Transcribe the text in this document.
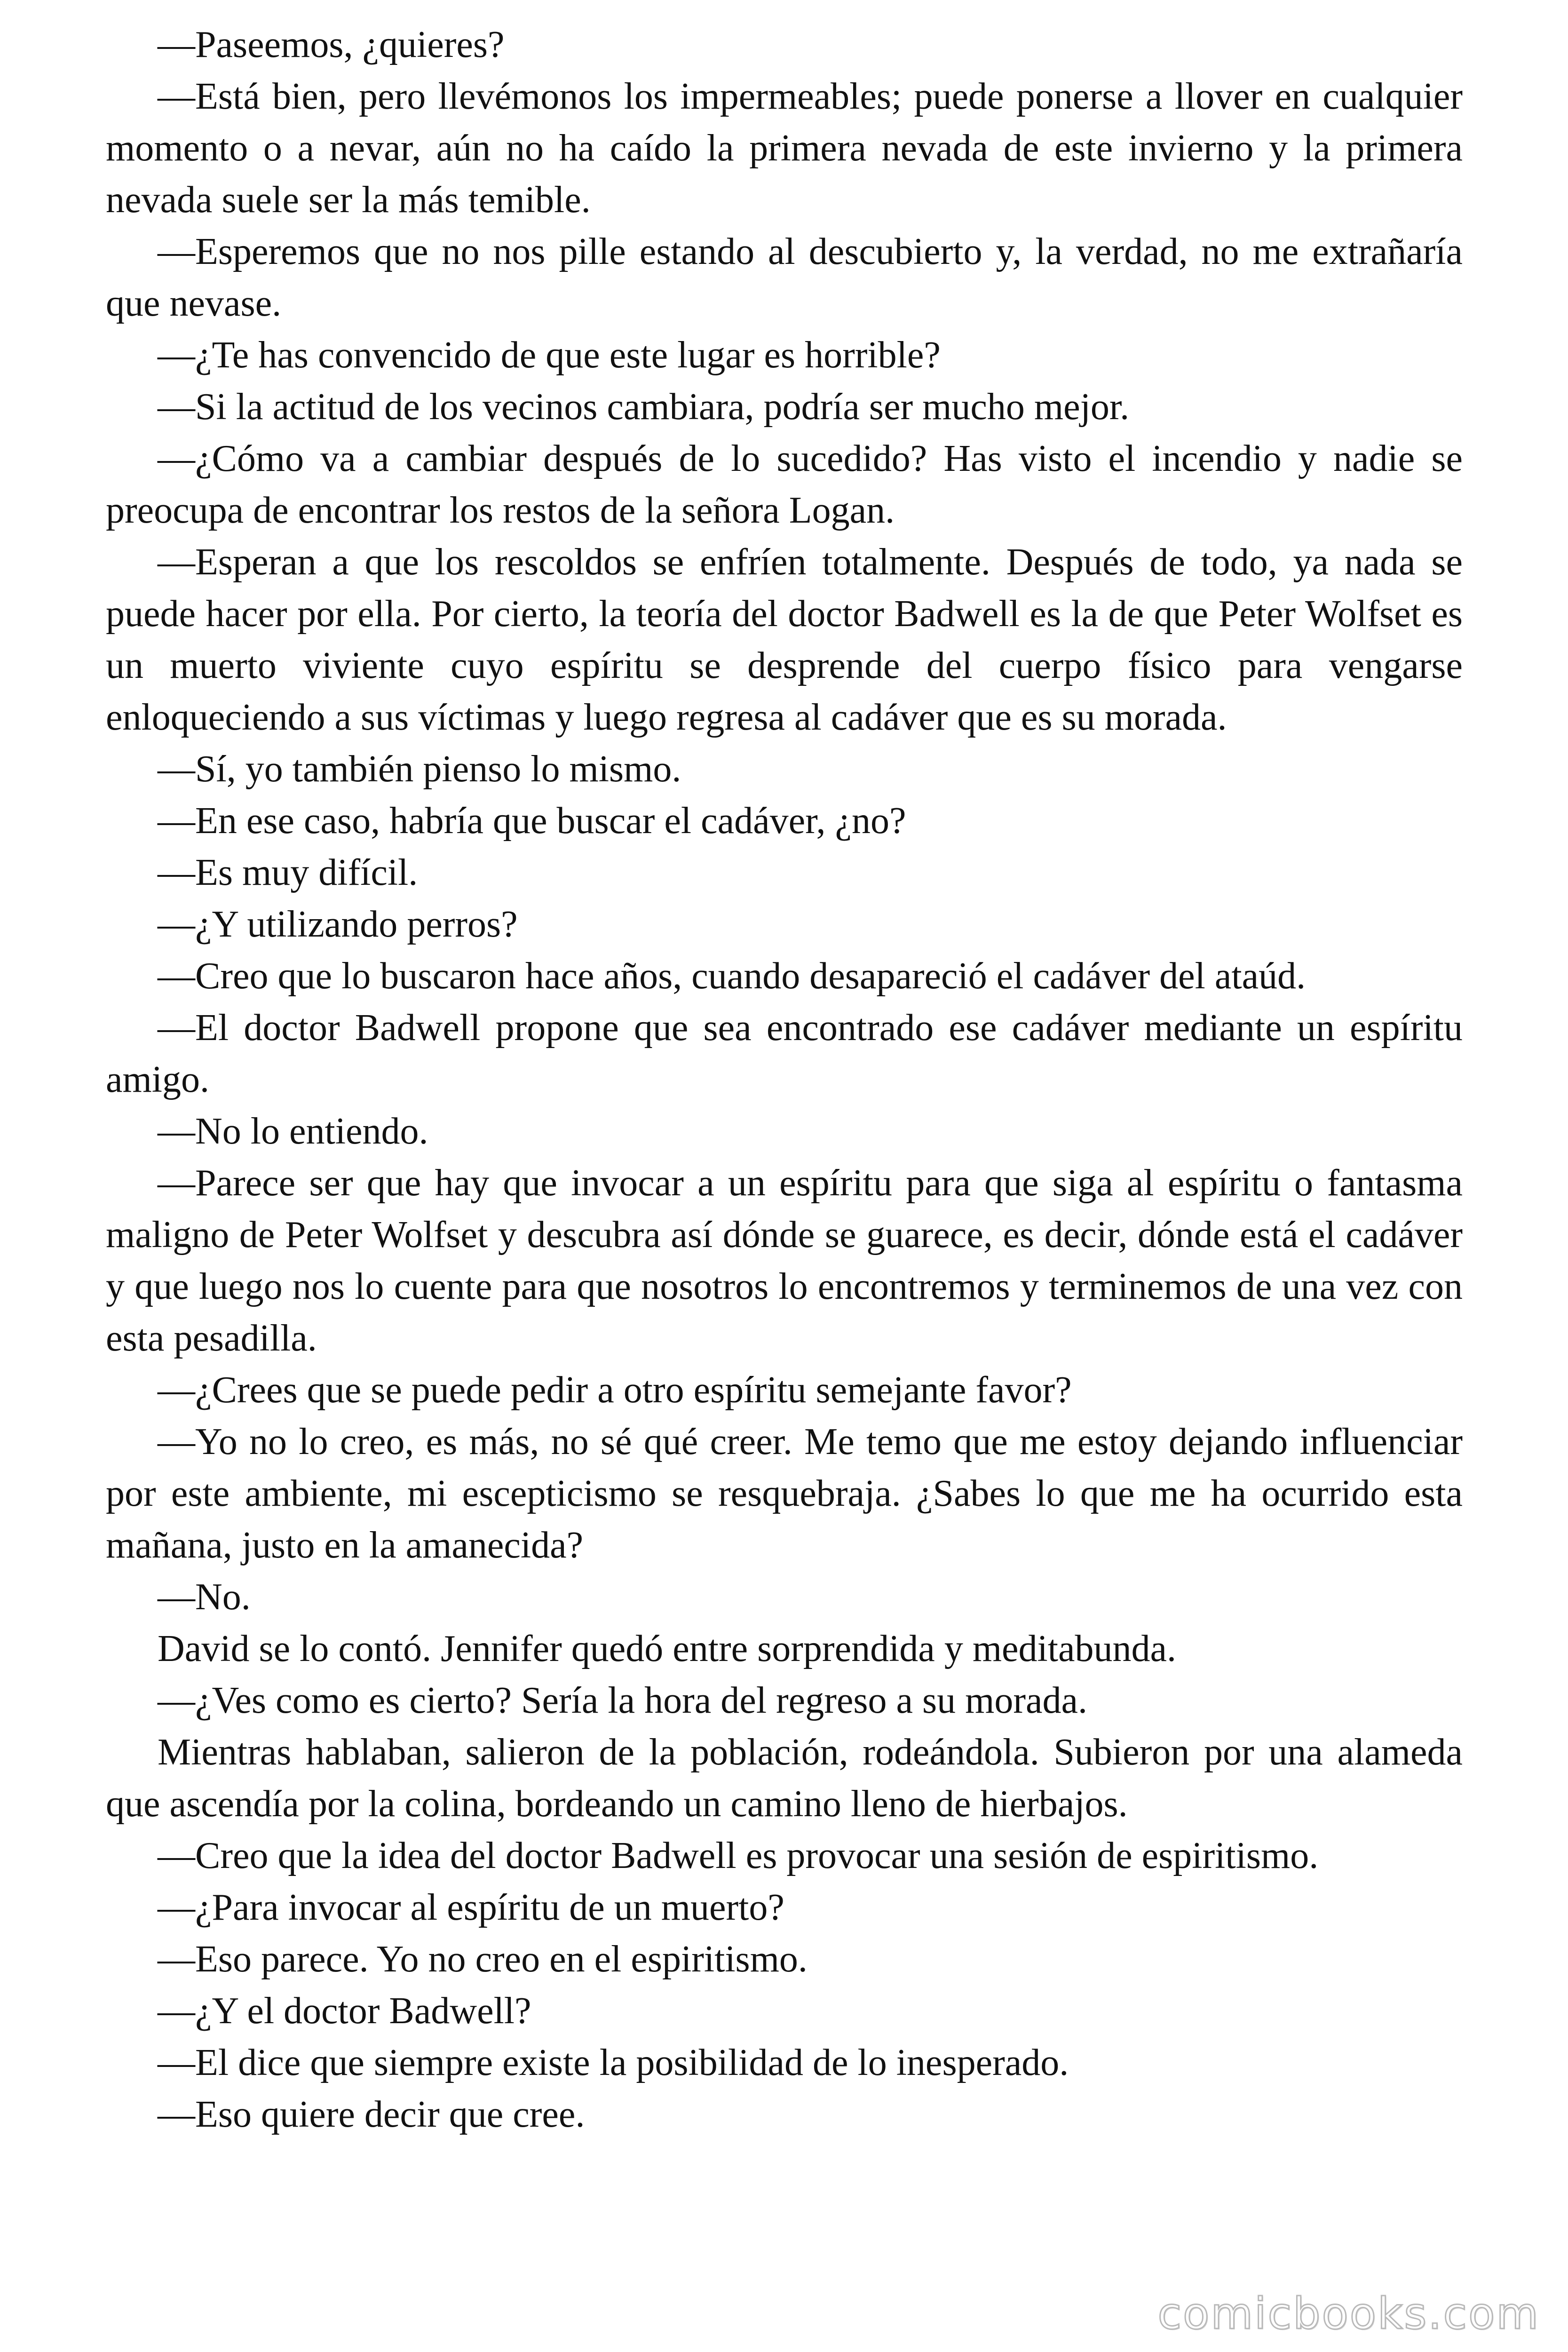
—Paseemos, ¿quieres?

—Está bien, pero llevémonos los impermeables; puede ponerse a llover en cualquier momento o a nevar, aún no ha caído la primera nevada de este invierno y la primera nevada suele ser la más temible.

—Esperemos que no nos pille estando al descubierto y, la verdad, no me extrañaría que nevase.

—¿Te has convencido de que este lugar es horrible?

—Si la actitud de los vecinos cambiara, podría ser mucho mejor.

—¿Cómo va a cambiar después de lo sucedido? Has visto el incendio y nadie se preocupa de encontrar los restos de la señora Logan.

—Esperan a que los rescoldos se enfríen totalmente. Después de todo, ya nada se puede hacer por ella. Por cierto, la teoría del doctor Badwell es la de que Peter Wolfset es un muerto viviente cuyo espíritu se desprende del cuerpo físico para vengarse enloqueciendo a sus víctimas y luego regresa al cadáver que es su morada.

—Sí, yo también pienso lo mismo.

—En ese caso, habría que buscar el cadáver, ¿no?

—Es muy difícil.

—¿Y utilizando perros?

—Creo que lo buscaron hace años, cuando desapareció el cadáver del ataúd.

—El doctor Badwell propone que sea encontrado ese cadáver mediante un espíritu amigo.

—No lo entiendo.

—Parece ser que hay que invocar a un espíritu para que siga al espíritu o fantasma maligno de Peter Wolfset y descubra así dónde se guarece, es decir, dónde está el cadáver y que luego nos lo cuente para que nosotros lo encontremos y terminemos de una vez con esta pesadilla.

—¿Crees que se puede pedir a otro espíritu semejante favor?

—Yo no lo creo, es más, no sé qué creer. Me temo que me estoy dejando influenciar por este ambiente, mi escepticismo se resquebraja. ¿Sabes lo que me ha ocurrido esta mañana, justo en la amanecida?

—No.

David se lo contó. Jennifer quedó entre sorprendida y meditabunda.

—¿Ves como es cierto? Sería la hora del regreso a su morada.

Mientras hablaban, salieron de la población, rodeándola. Subieron por una alameda que ascendía por la colina, bordeando un camino lleno de hierbajos.

—Creo que la idea del doctor Badwell es provocar una sesión de espiritismo.

—¿Para invocar al espíritu de un muerto?

—Eso parece. Yo no creo en el espiritismo.

—¿Y el doctor Badwell?

—El dice que siempre existe la posibilidad de lo inesperado.

—Eso quiere decir que cree.

comicbooks.com
